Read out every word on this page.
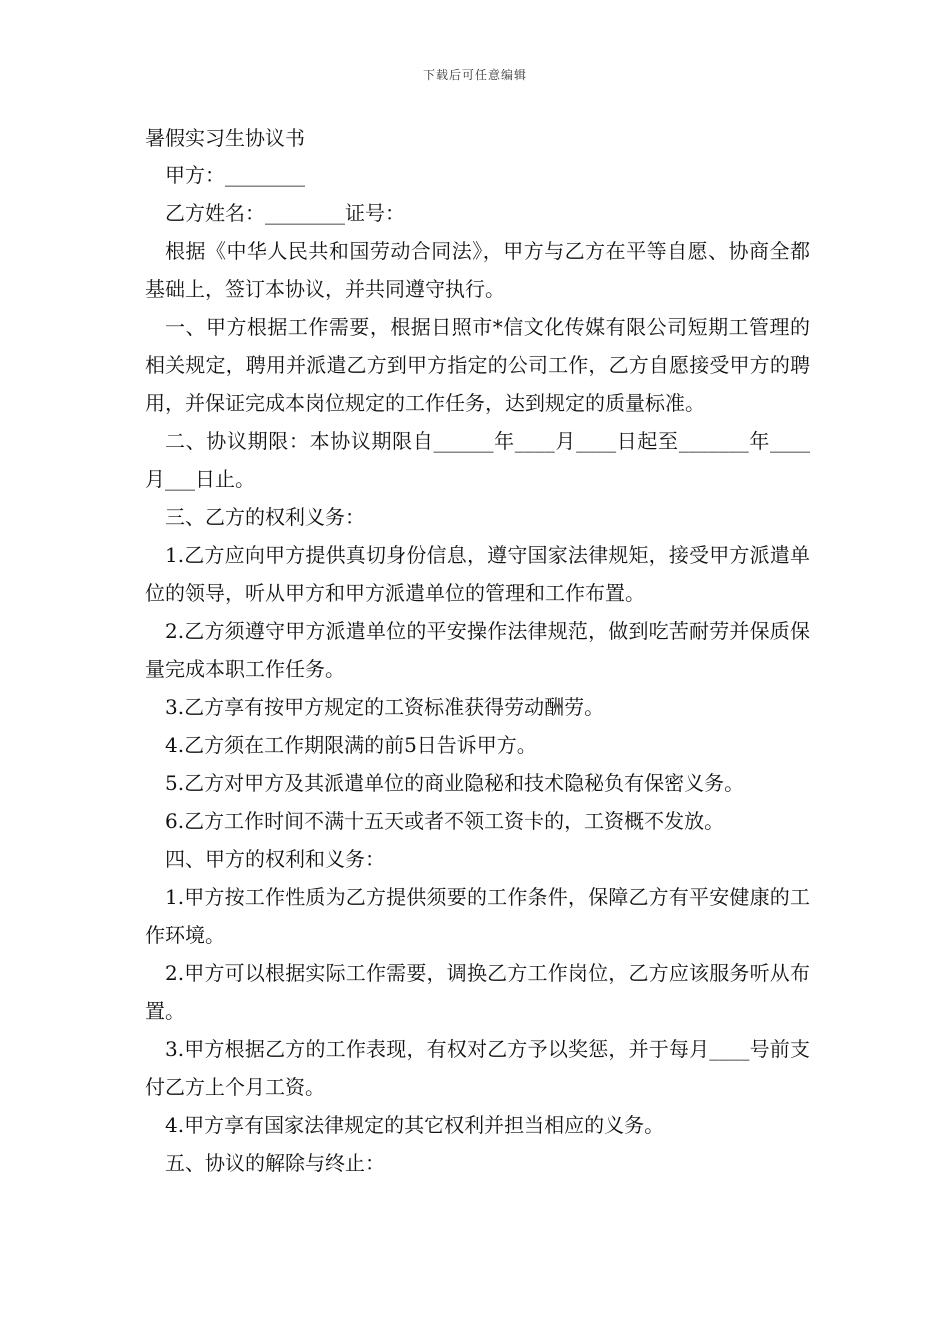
下载后可任意编辑

暑假实习生协议书

甲方：________

乙方姓名：________证号：

根据《中华人民共和国劳动合同法》，甲方与乙方在平等自愿、协商全都基础上，签订本协议，并共同遵守执行。

一、甲方根据工作需要，根据日照市*信文化传媒有限公司短期工管理的相关规定，聘用并派遣乙方到甲方指定的公司工作，乙方自愿接受甲方的聘用，并保证完成本岗位规定的工作任务，达到规定的质量标准。

二、协议期限：本协议期限自______年____月____日起至_______年____月___日止。

三、乙方的权利义务：

1.乙方应向甲方提供真切身份信息，遵守国家法律规矩，接受甲方派遣单位的领导，听从甲方和甲方派遣单位的管理和工作布置。

2.乙方须遵守甲方派遣单位的平安操作法律规范，做到吃苦耐劳并保质保量完成本职工作任务。

3.乙方享有按甲方规定的工资标准获得劳动酬劳。

4.乙方须在工作期限满的前5日告诉甲方。

5.乙方对甲方及其派遣单位的商业隐秘和技术隐秘负有保密义务。

6.乙方工作时间不满十五天或者不领工资卡的，工资概不发放。

四、甲方的权利和义务：

1.甲方按工作性质为乙方提供须要的工作条件，保障乙方有平安健康的工作环境。

2.甲方可以根据实际工作需要，调换乙方工作岗位，乙方应该服务听从布置。

3.甲方根据乙方的工作表现，有权对乙方予以奖惩，并于每月____号前支付乙方上个月工资。

4.甲方享有国家法律规定的其它权利并担当相应的义务。

五、协议的解除与终止：
